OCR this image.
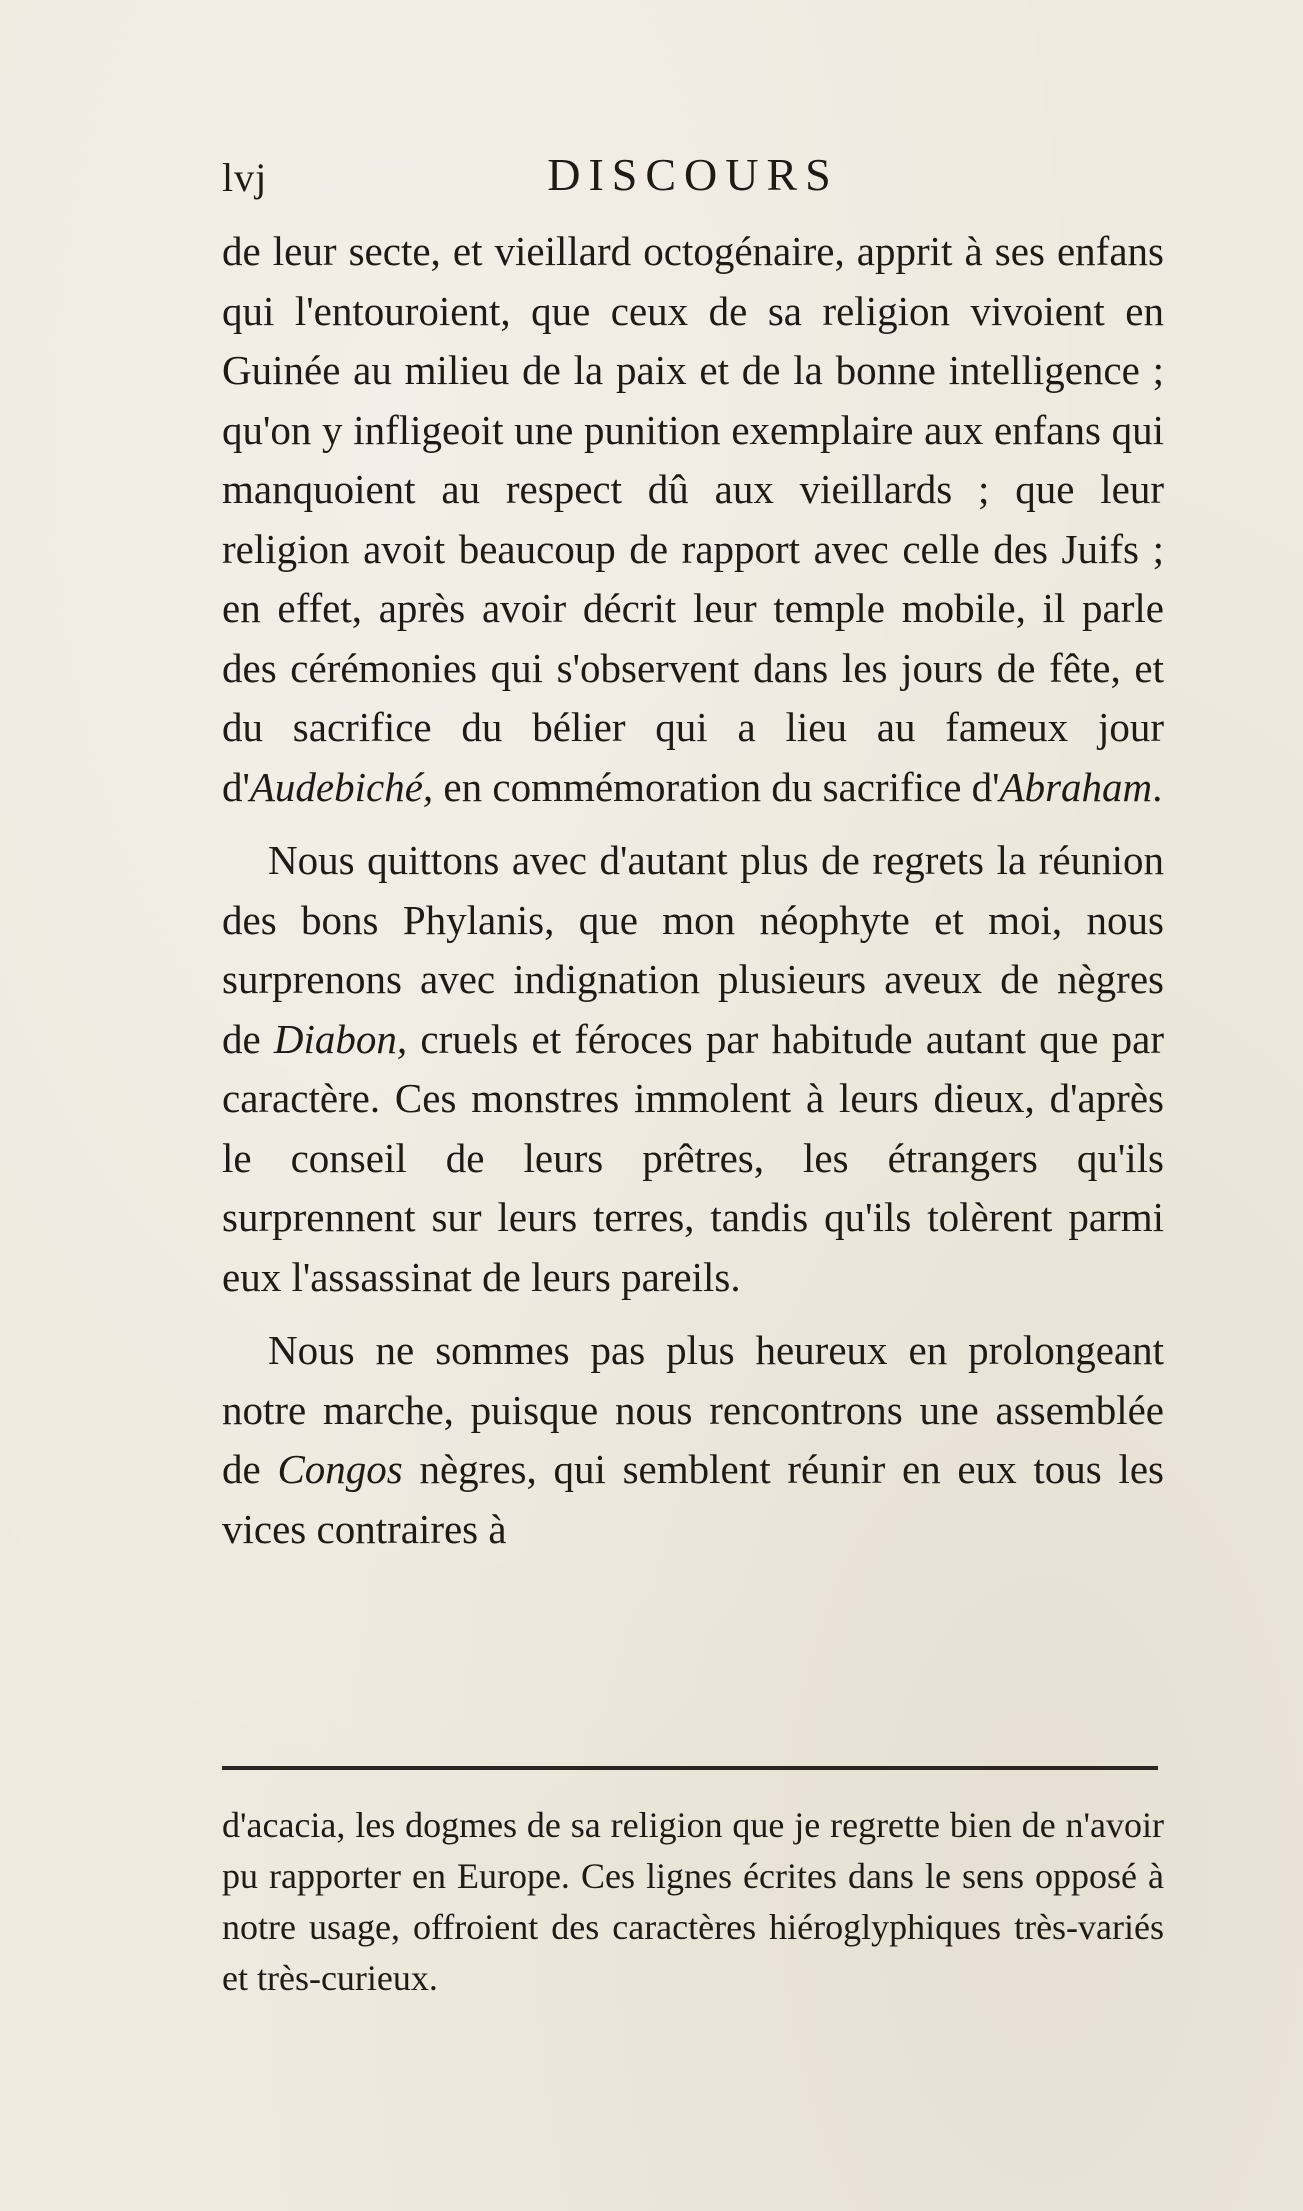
lvj	DISCOURS

de leur secte, et vieillard octogénaire, apprit à ses enfans qui l'entouroient, que ceux de sa religion vivoient en Guinée au milieu de la paix et de la bonne intelligence ; qu'on y infligeoit une punition exemplaire aux enfans qui manquoient au respect dû aux vieillards ; que leur religion avoit beaucoup de rapport avec celle des Juifs ; en effet, après avoir décrit leur temple mobile, il parle des cérémonies qui s'observent dans les jours de fête, et du sacrifice du bélier qui a lieu au fameux jour d'Audebiché, en commémoration du sacrifice d'Abraham.

Nous quittons avec d'autant plus de regrets la réunion des bons Phylanis, que mon néophyte et moi, nous surprenons avec indignation plusieurs aveux de nègres de Diabon, cruels et féroces par habitude autant que par caractère. Ces monstres immolent à leurs dieux, d'après le conseil de leurs prêtres, les étrangers qu'ils surprennent sur leurs terres, tandis qu'ils tolèrent parmi eux l'assassinat de leurs pareils.

Nous ne sommes pas plus heureux en prolongeant notre marche, puisque nous rencontrons une assemblée de Congos nègres, qui semblent réunir en eux tous les vices contraires à

d'acacia, les dogmes de sa religion que je regrette bien de n'avoir pu rapporter en Europe. Ces lignes écrites dans le sens opposé à notre usage, offroient des caractères hiéroglyphiques très-variés et très-curieux.
